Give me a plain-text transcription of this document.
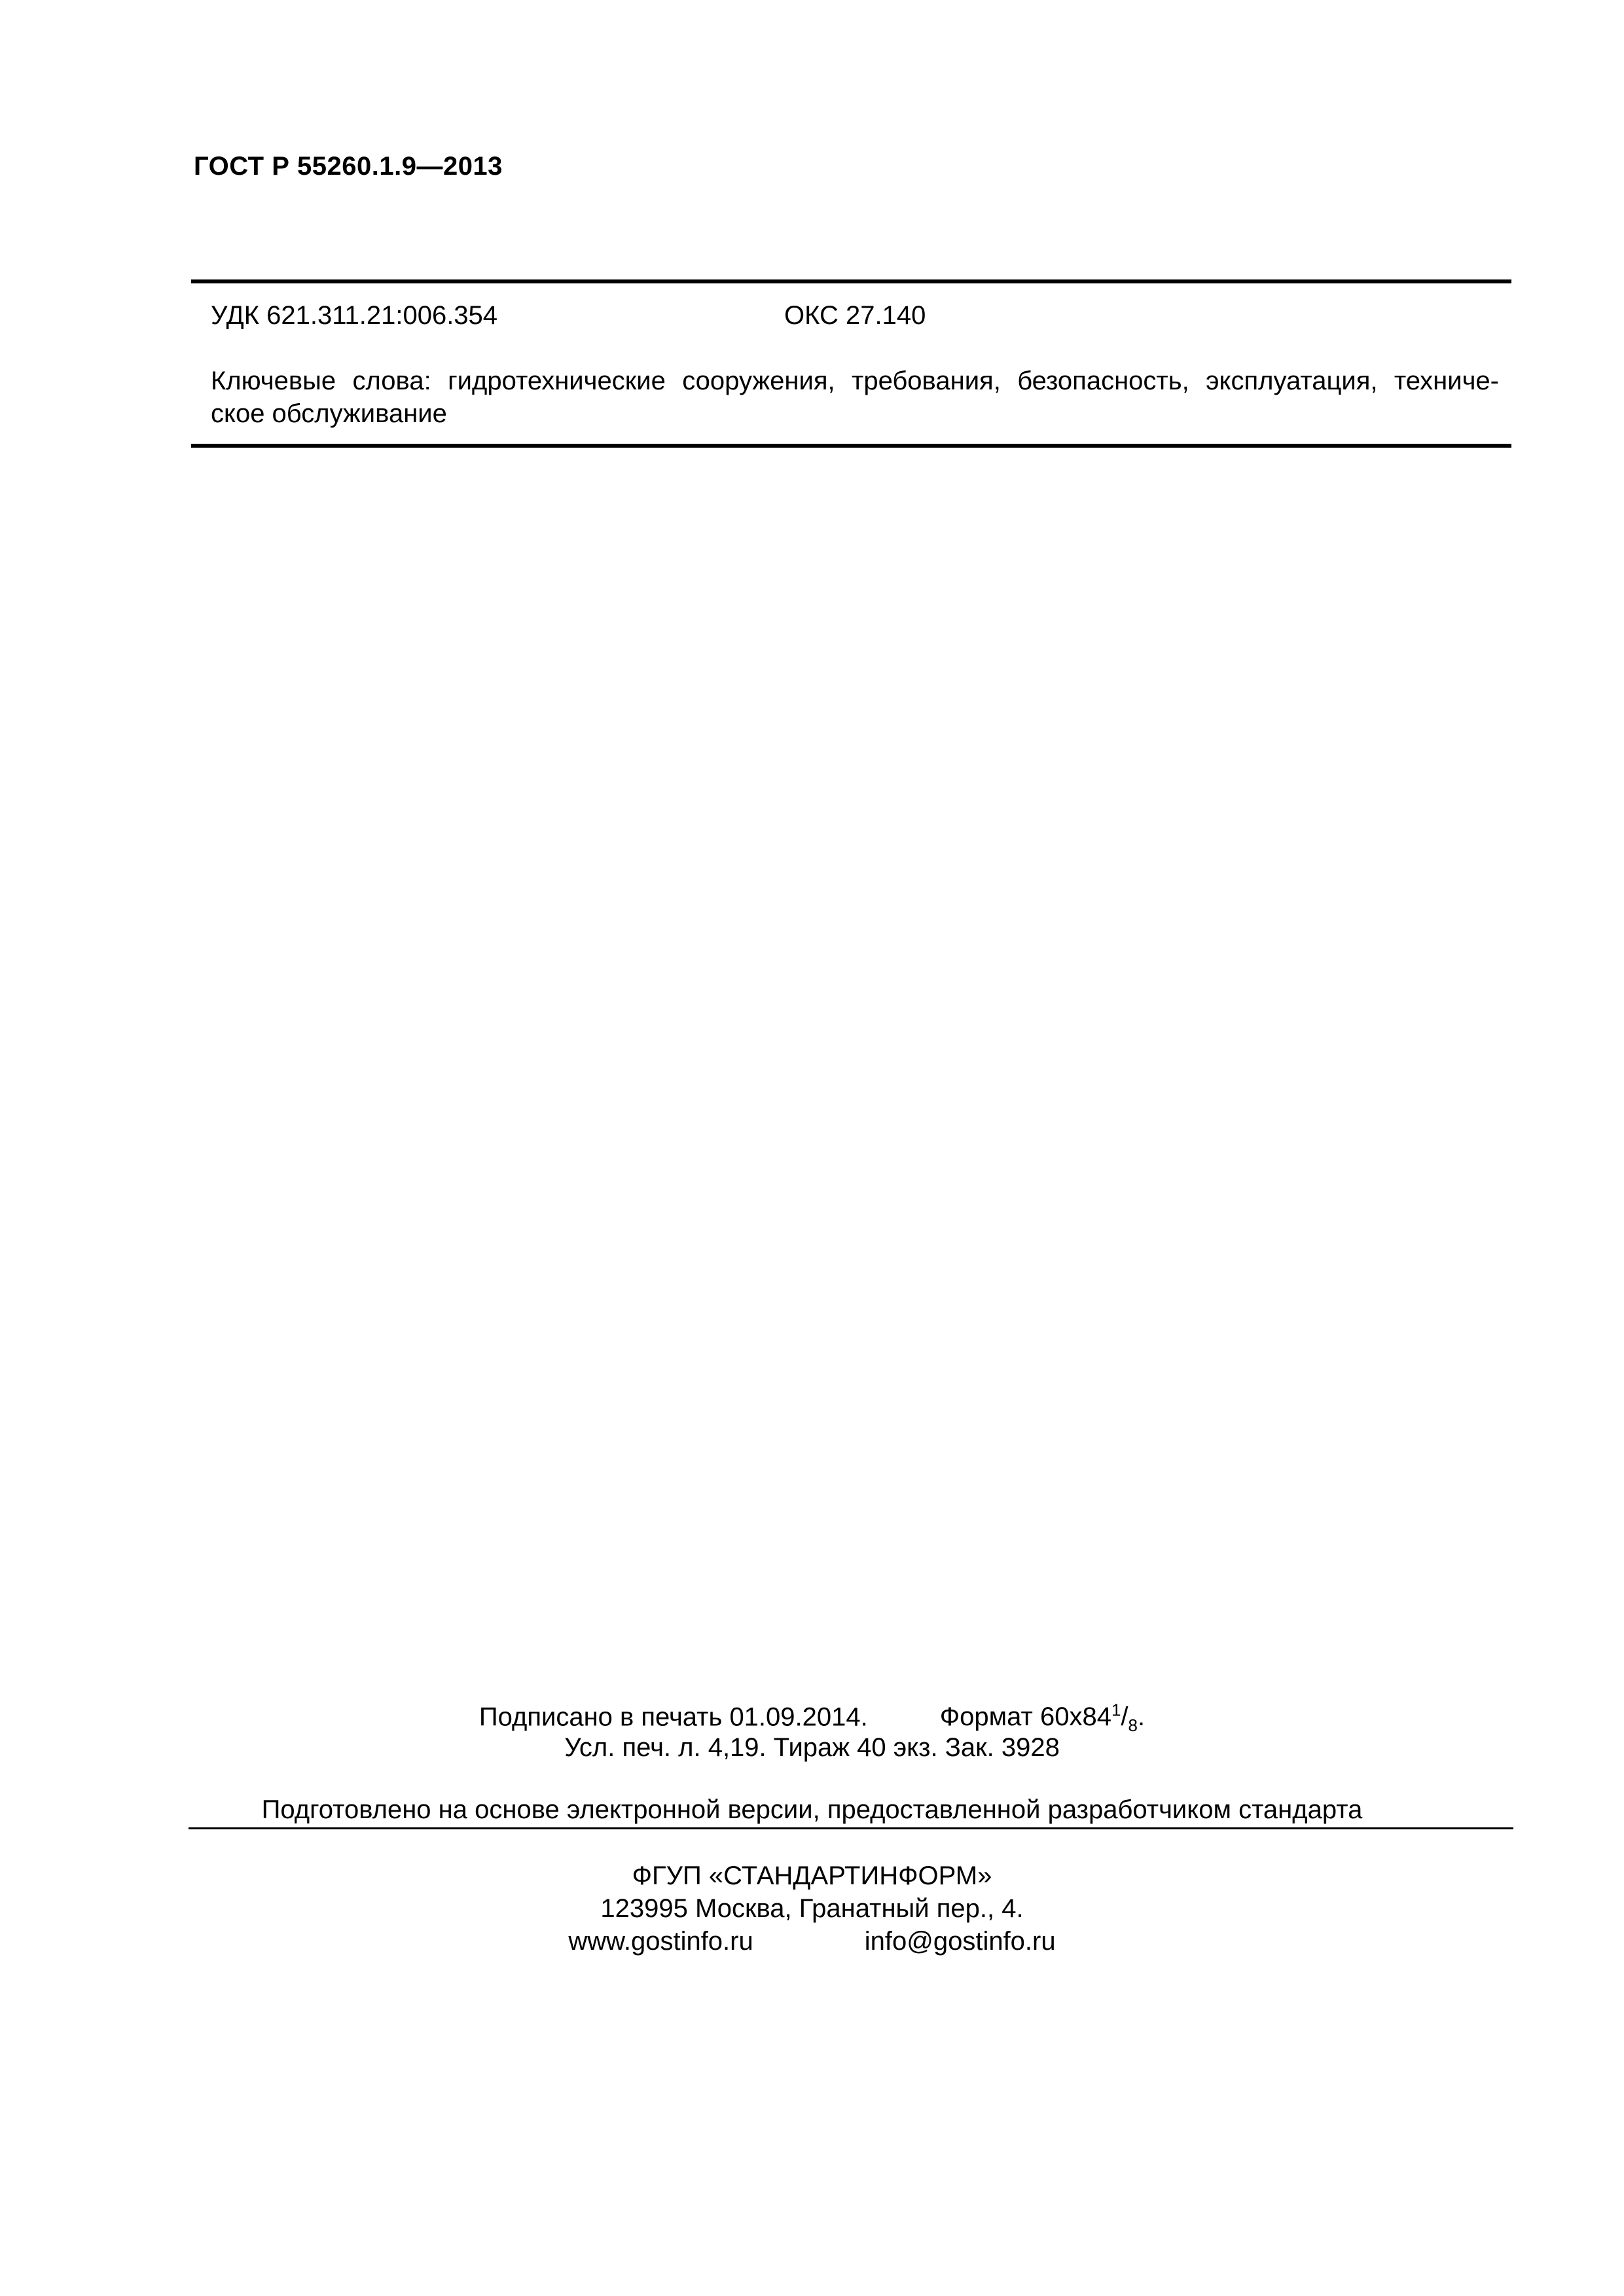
ГОСТ Р 55260.1.9—2013
УДК 621.311.21:006.354	ОКС 27.140
Ключевые слова: гидротехнические сооружения, требования, безопасность, эксплуатация, техниче-
ское обслуживание
Подписано в печать 01.09.2014.	Формат $60x84^1/_8$.
Усл. печ. л. 4,19. Тираж 40 экз. Зак. 3928
Подготовлено на основе электронной версии, предоставленной разработчиком стандарта
ФГУП «СТАНДАРТИНФОРМ»
123995 Москва, Гранатный пер., 4.
www.gostinfo.ru	info@gostinfo.ru
